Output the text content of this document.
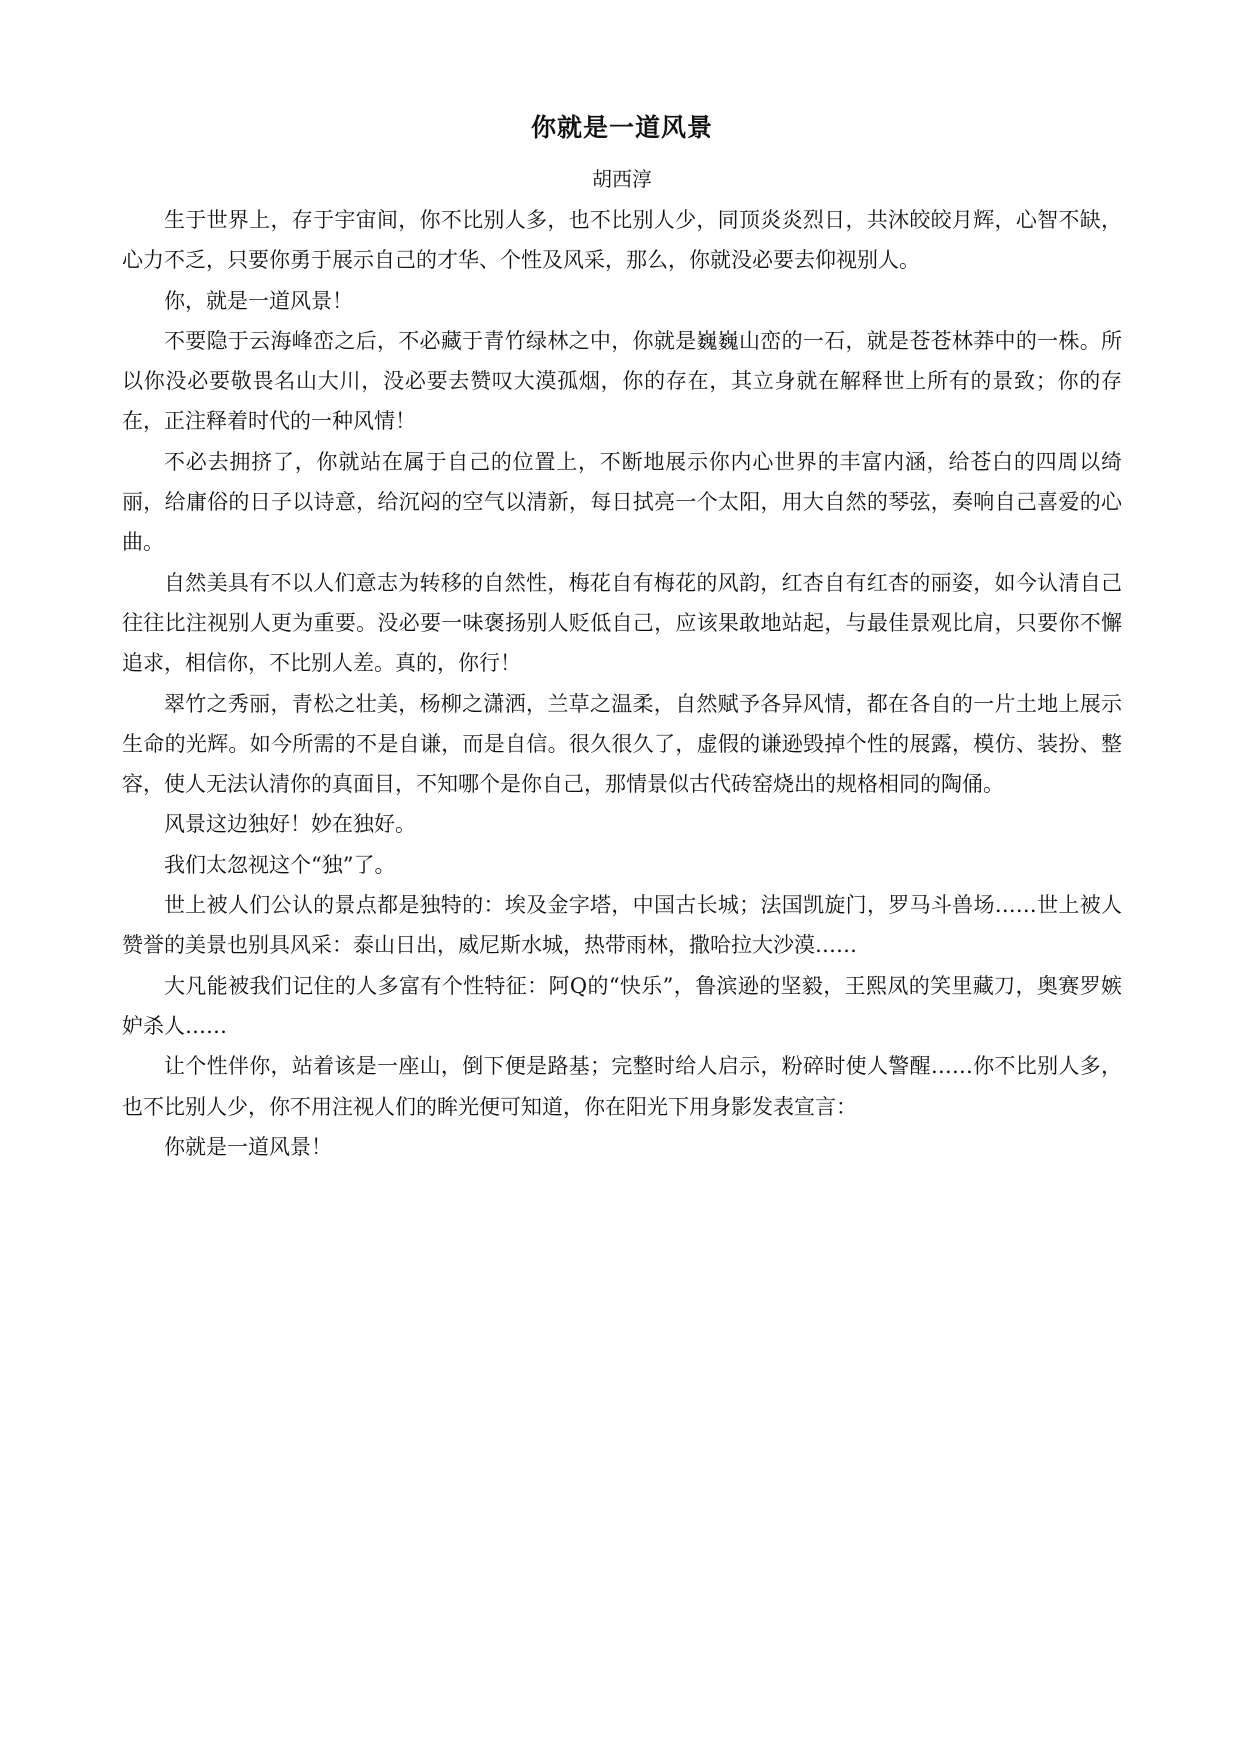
你就是一道风景
胡西淳

生于世界上，存于宇宙间，你不比别人多，也不比别人少，同顶炎炎烈日，共沐皎皎月辉，心智不缺，心力不乏，只要你勇于展示自己的才华、个性及风采，那么，你就没必要去仰视别人。

你，就是一道风景！

不要隐于云海峰峦之后，不必藏于青竹绿林之中，你就是巍巍山峦的一石，就是苍苍林莽中的一株。所以你没必要敬畏名山大川，没必要去赞叹大漠孤烟，你的存在，其立身就在解释世上所有的景致；你的存在，正注释着时代的一种风情！

不必去拥挤了，你就站在属于自己的位置上，不断地展示你内心世界的丰富内涵，给苍白的四周以绮丽，给庸俗的日子以诗意，给沉闷的空气以清新，每日拭亮一个太阳，用大自然的琴弦，奏响自己喜爱的心曲。

自然美具有不以人们意志为转移的自然性，梅花自有梅花的风韵，红杏自有红杏的丽姿，如今认清自己往往比注视别人更为重要。没必要一味褒扬别人贬低自己，应该果敢地站起，与最佳景观比肩，只要你不懈追求，相信你，不比别人差。真的，你行！

翠竹之秀丽，青松之壮美，杨柳之潇洒，兰草之温柔，自然赋予各异风情，都在各自的一片土地上展示生命的光辉。如今所需的不是自谦，而是自信。很久很久了，虚假的谦逊毁掉个性的展露，模仿、装扮、整容，使人无法认清你的真面目，不知哪个是你自己，那情景似古代砖窑烧出的规格相同的陶俑。

风景这边独好！妙在独好。

我们太忽视这个“独”了。

世上被人们公认的景点都是独特的：埃及金字塔，中国古长城；法国凯旋门，罗马斗兽场……世上被人赞誉的美景也别具风采：泰山日出，威尼斯水城，热带雨林，撒哈拉大沙漠……

大凡能被我们记住的人多富有个性特征：阿Q的“快乐”，鲁滨逊的坚毅，王熙凤的笑里藏刀，奥赛罗嫉妒杀人……

让个性伴你，站着该是一座山，倒下便是路基；完整时给人启示，粉碎时使人警醒……你不比别人多，也不比别人少，你不用注视人们的眸光便可知道，你在阳光下用身影发表宣言：

你就是一道风景！
